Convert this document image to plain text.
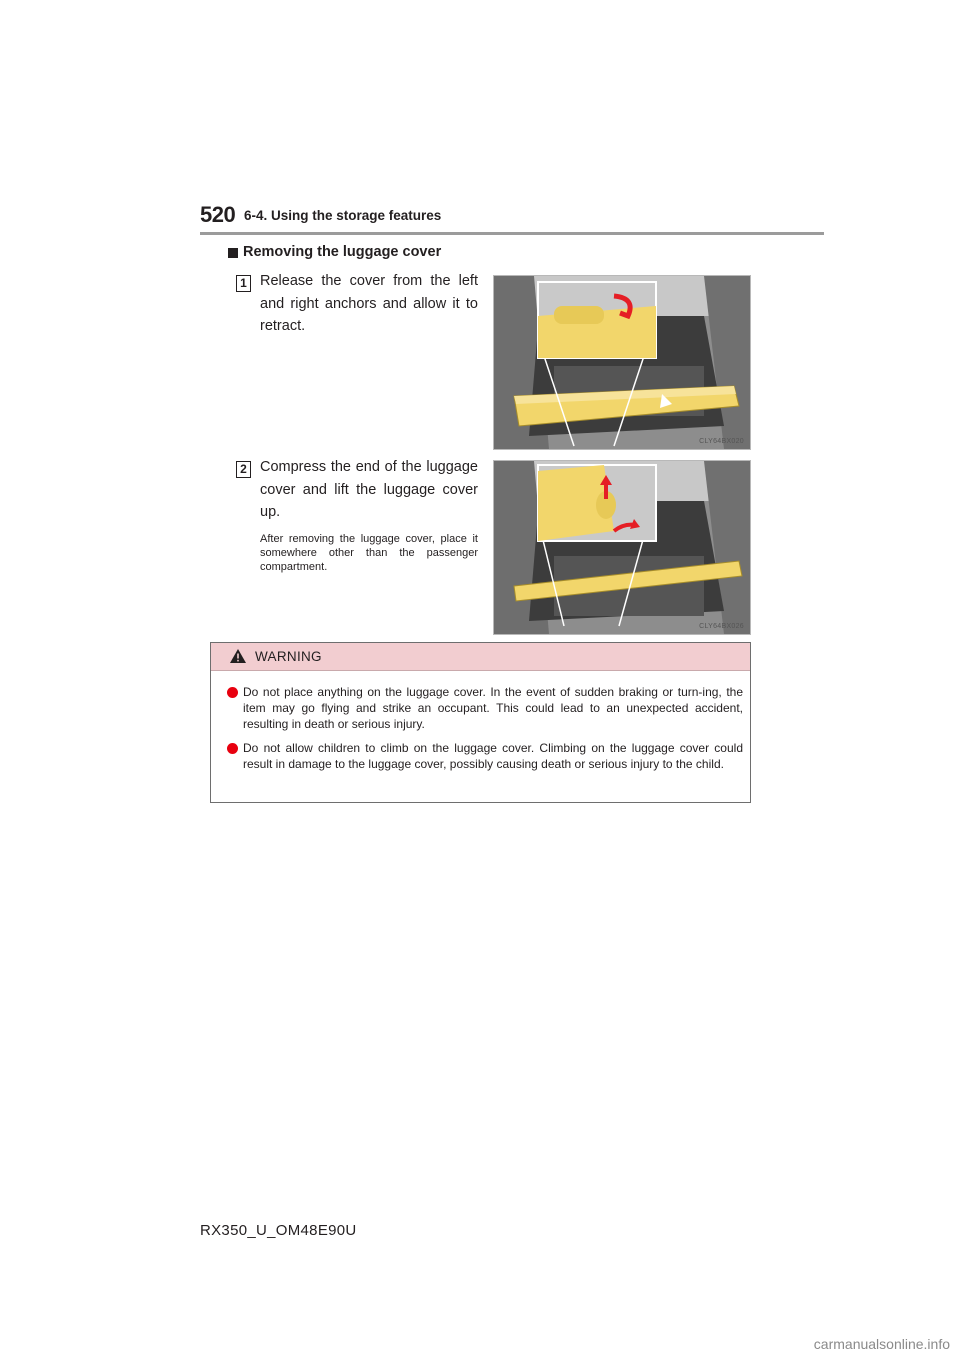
520 6-4. Using the storage features
Removing the luggage cover
1 Release the cover from the left and right anchors and allow it to retract.
CLY64BX020
2 Compress the end of the luggage cover and lift the luggage cover up.
After removing the luggage cover, place it somewhere other than the passenger compartment.
CLY64BX026
WARNING
Do not place anything on the luggage cover. In the event of sudden braking or turn-ing, the item may go flying and strike an occupant. This could lead to an unexpected accident, resulting in death or serious injury.
Do not allow children to climb on the luggage cover. Climbing on the luggage cover could result in damage to the luggage cover, possibly causing death or serious injury to the child.
RX350_U_OM48E90U
carmanualsonline.info
